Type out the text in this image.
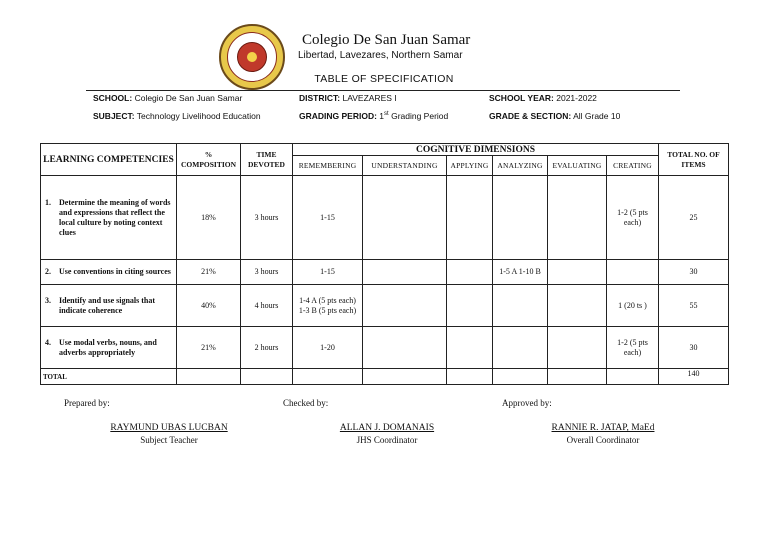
Colegio De San Juan Samar
Libertad, Lavezares, Northern Samar
TABLE OF SPECIFICATION
SCHOOL: Colegio De San Juan Samar	DISTRICT: LAVEZARES I	SCHOOL YEAR: 2021-2022
SUBJECT: Technology Livelihood Education	GRADING PERIOD: 1st Grading Period	GRADE & SECTION: All Grade 10
LEARNING COMPETENCIES	% COMPOSITION	TIME DEVOTED	COGNITIVE DIMENSIONS						TOTAL NO. OF ITEMS
			REMEMBERING	UNDERSTANDING	APPLYING	ANALYZING	EVALUATING	CREATING	

1. Determine the meaning of words and expressions that reflect the local culture by noting context clues	18%	3 hours	1-15					1-2 (5 pts each)	25

2. Use conventions in citing sources	21%	3 hours	1-15			1-5 A 1-10 B			30

3. Identify and use signals that indicate coherence	40%	4 hours	1-4 A (5 pts each) 1-3 B (5 pts each)					1 (20 ts )	55

4. Use modal verbs, nouns, and adverbs appropriately	21%	2 hours	1-20					1-2 (5 pts each)	30
TOTAL									140
Prepared by:	Checked by:	Approved by:
RAYMUND UBAS LUCBAN
Subject Teacher
ALLAN J. DOMANAIS
JHS Coordinator
RANNIE R. JATAP, MaEd
Overall Coordinator
